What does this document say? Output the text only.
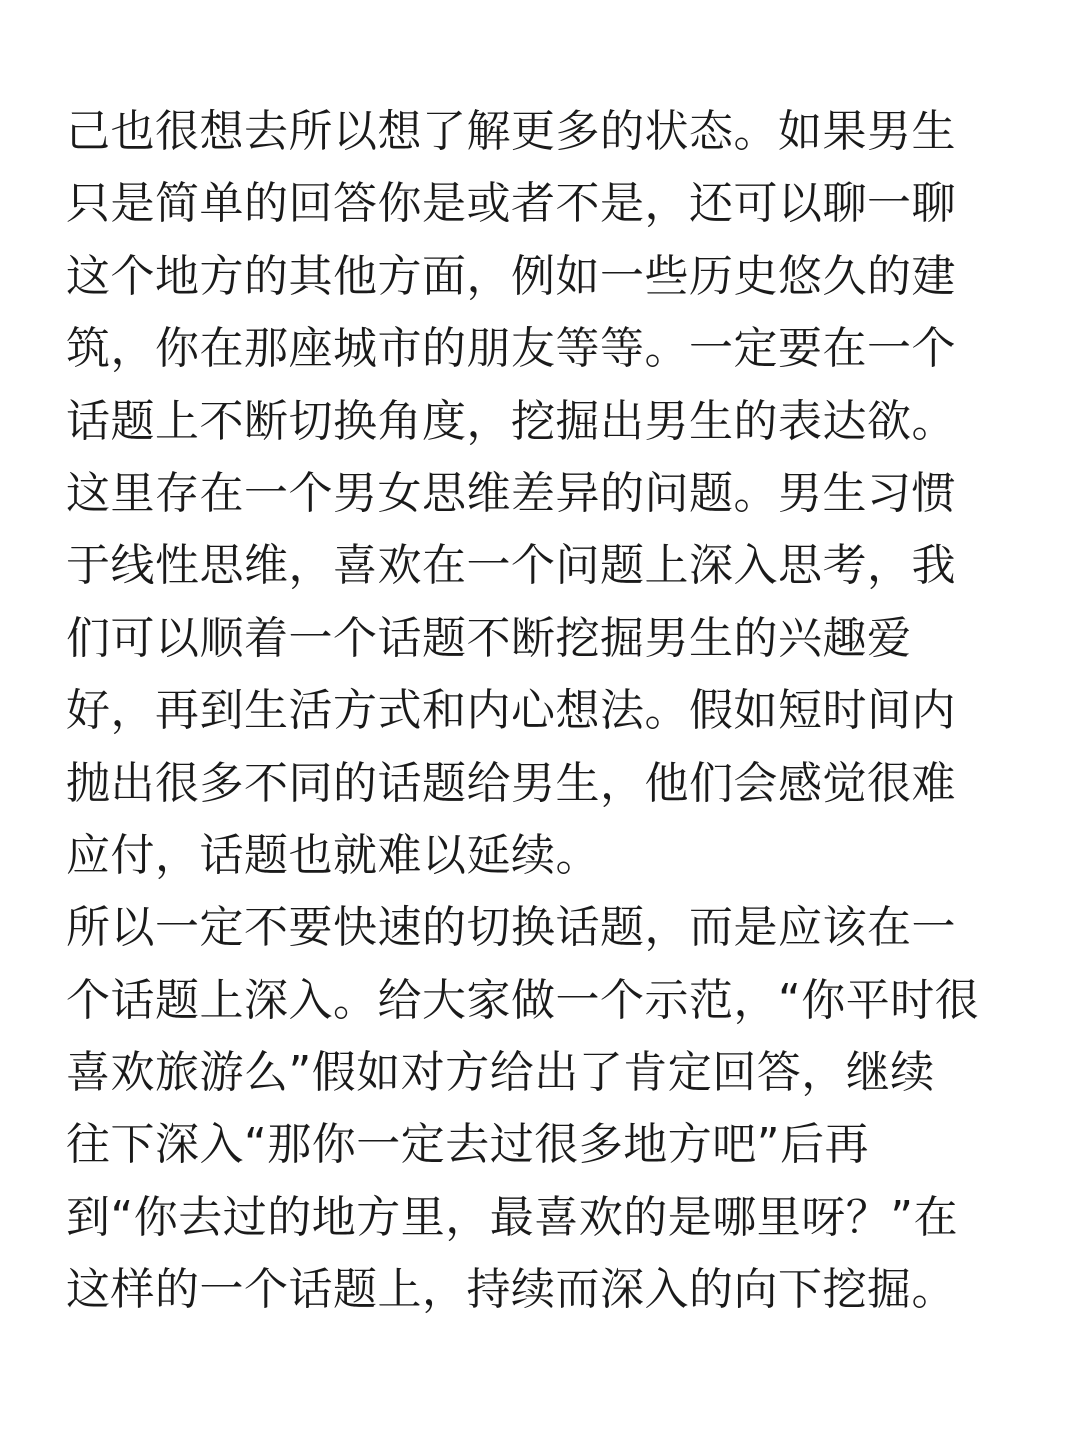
己也很想去所以想了解更多的状态。如果男生
只是简单的回答你是或者不是，还可以聊一聊
这个地方的其他方面，例如一些历史悠久的建
筑，你在那座城市的朋友等等。一定要在一个
话题上不断切换角度，挖掘出男生的表达欲。
这里存在一个男女思维差异的问题。男生习惯
于线性思维，喜欢在一个问题上深入思考，我
们可以顺着一个话题不断挖掘男生的兴趣爱
好，再到生活方式和内心想法。假如短时间内
抛出很多不同的话题给男生，他们会感觉很难
应付，话题也就难以延续。
所以一定不要快速的切换话题，而是应该在一
个话题上深入。给大家做一个示范，“你平时很
喜欢旅游么”假如对方给出了肯定回答，继续
往下深入“那你一定去过很多地方吧”后再
到“你去过的地方里，最喜欢的是哪里呀？”在
这样的一个话题上，持续而深入的向下挖掘。
